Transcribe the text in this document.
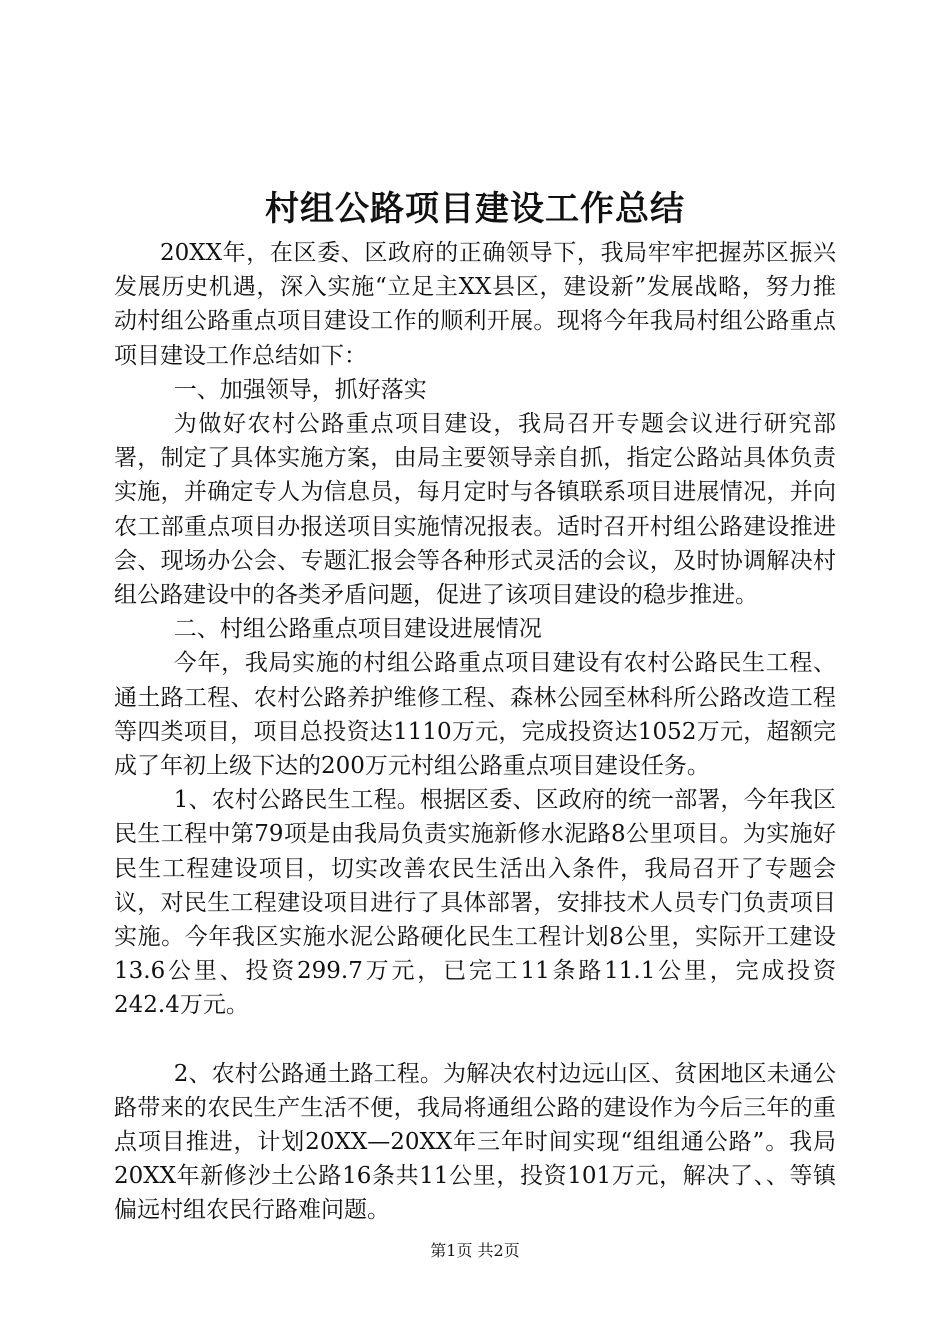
村组公路项目建设工作总结

20XX年，在区委、区政府的正确领导下，我局牢牢把握苏区振兴发展历史机遇，深入实施“立足主XX县区，建设新”发展战略，努力推动村组公路重点项目建设工作的顺利开展。现将今年我局村组公路重点项目建设工作总结如下：

一、加强领导，抓好落实

为做好农村公路重点项目建设，我局召开专题会议进行研究部署，制定了具体实施方案，由局主要领导亲自抓，指定公路站具体负责实施，并确定专人为信息员，每月定时与各镇联系项目进展情况，并向农工部重点项目办报送项目实施情况报表。适时召开村组公路建设推进会、现场办公会、专题汇报会等各种形式灵活的会议，及时协调解决村组公路建设中的各类矛盾问题，促进了该项目建设的稳步推进。

二、村组公路重点项目建设进展情况

今年，我局实施的村组公路重点项目建设有农村公路民生工程、通土路工程、农村公路养护维修工程、森林公园至林科所公路改造工程等四类项目，项目总投资达1110万元，完成投资达1052万元，超额完成了年初上级下达的200万元村组公路重点项目建设任务。

1、农村公路民生工程。根据区委、区政府的统一部署，今年我区民生工程中第79项是由我局负责实施新修水泥路8公里项目。为实施好民生工程建设项目，切实改善农民生活出入条件，我局召开了专题会议，对民生工程建设项目进行了具体部署，安排技术人员专门负责项目实施。今年我区实施水泥公路硬化民生工程计划8公里，实际开工建设13.6公里、投资299.7万元，已完工11条路11.1公里，完成投资242.4万元。

2、农村公路通土路工程。为解决农村边远山区、贫困地区未通公路带来的农民生产生活不便，我局将通组公路的建设作为今后三年的重点项目推进，计划20XX—20XX年三年时间实现“组组通公路”。我局20XX年新修沙土公路16条共11公里，投资101万元，解决了、、等镇偏远村组农民行路难问题。

第1页 共2页
